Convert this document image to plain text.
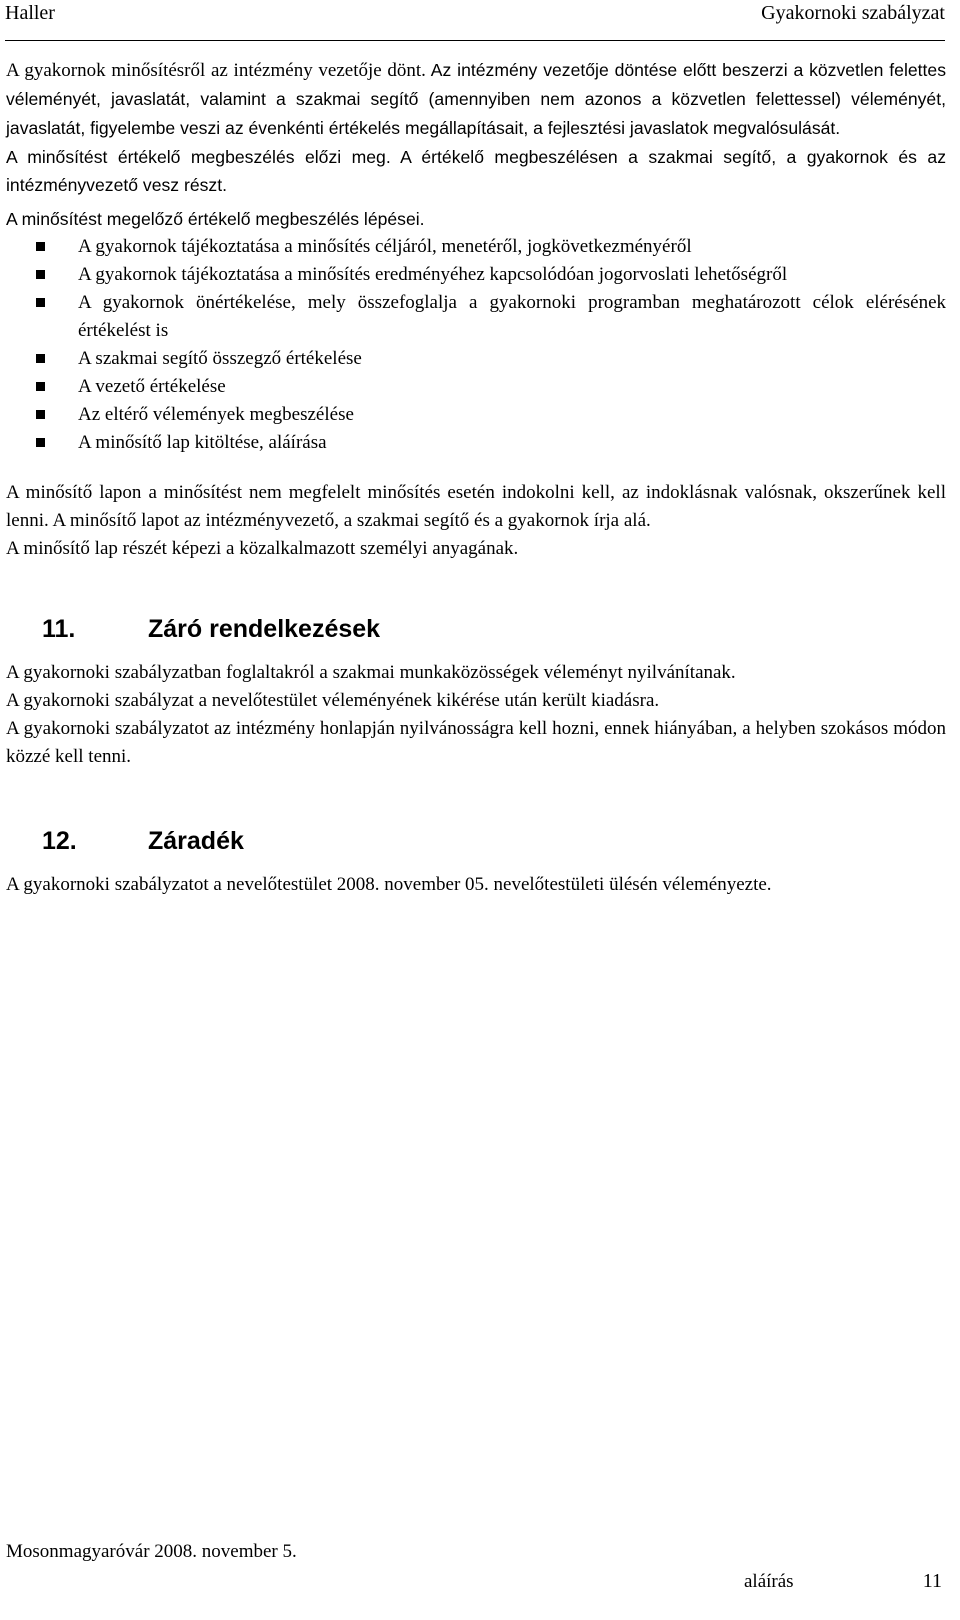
Haller	Gyakornoki szabályzat

A gyakornok minősítésről az intézmény vezetője dönt. Az intézmény vezetője döntése előtt beszerzi a közvetlen felettes véleményét, javaslatát, valamint a szakmai segítő (amennyiben nem azonos a közvetlen felettessel) véleményét, javaslatát, figyelembe veszi az évenkénti értékelés megállapításait, a fejlesztési javaslatok megvalósulását.

A minősítést értékelő megbeszélés előzi meg. A értékelő megbeszélésen a szakmai segítő, a gyakornok és az intézményvezető vesz részt.

A minősítést megelőző értékelő megbeszélés lépései.

A gyakornok tájékoztatása a minősítés céljáról, menetéről, jogkövetkezményéről
A gyakornok tájékoztatása a minősítés eredményéhez kapcsolódóan jogorvoslati lehetőségről
A gyakornok önértékelése, mely összefoglalja a gyakornoki programban meghatározott célok elérésének értékelést is
A szakmai segítő összegző értékelése
A vezető értékelése
Az eltérő vélemények megbeszélése
A minősítő lap kitöltése, aláírása

A minősítő lapon a minősítést nem megfelelt minősítés esetén indokolni kell, az indoklásnak valósnak, okszerűnek kell lenni. A minősítő lapot az intézményvezető, a szakmai segítő és a gyakornok írja alá.

A minősítő lap részét képezi a közalkalmazott személyi anyagának.

11.	Záró rendelkezések

A gyakornoki szabályzatban foglaltakról a szakmai munkaközösségek véleményt nyilvánítanak.

A gyakornoki szabályzat a nevelőtestület véleményének kikérése után került kiadásra.

A gyakornoki szabályzatot az intézmény honlapján nyilvánosságra kell hozni, ennek hiányában, a helyben szokásos módon közzé kell tenni.

12.	Záradék

A gyakornoki szabályzatot a nevelőtestület 2008. november 05. nevelőtestületi ülésén véleményezte.

Mosonmagyaróvár 2008. november 5.
aláírás	11
